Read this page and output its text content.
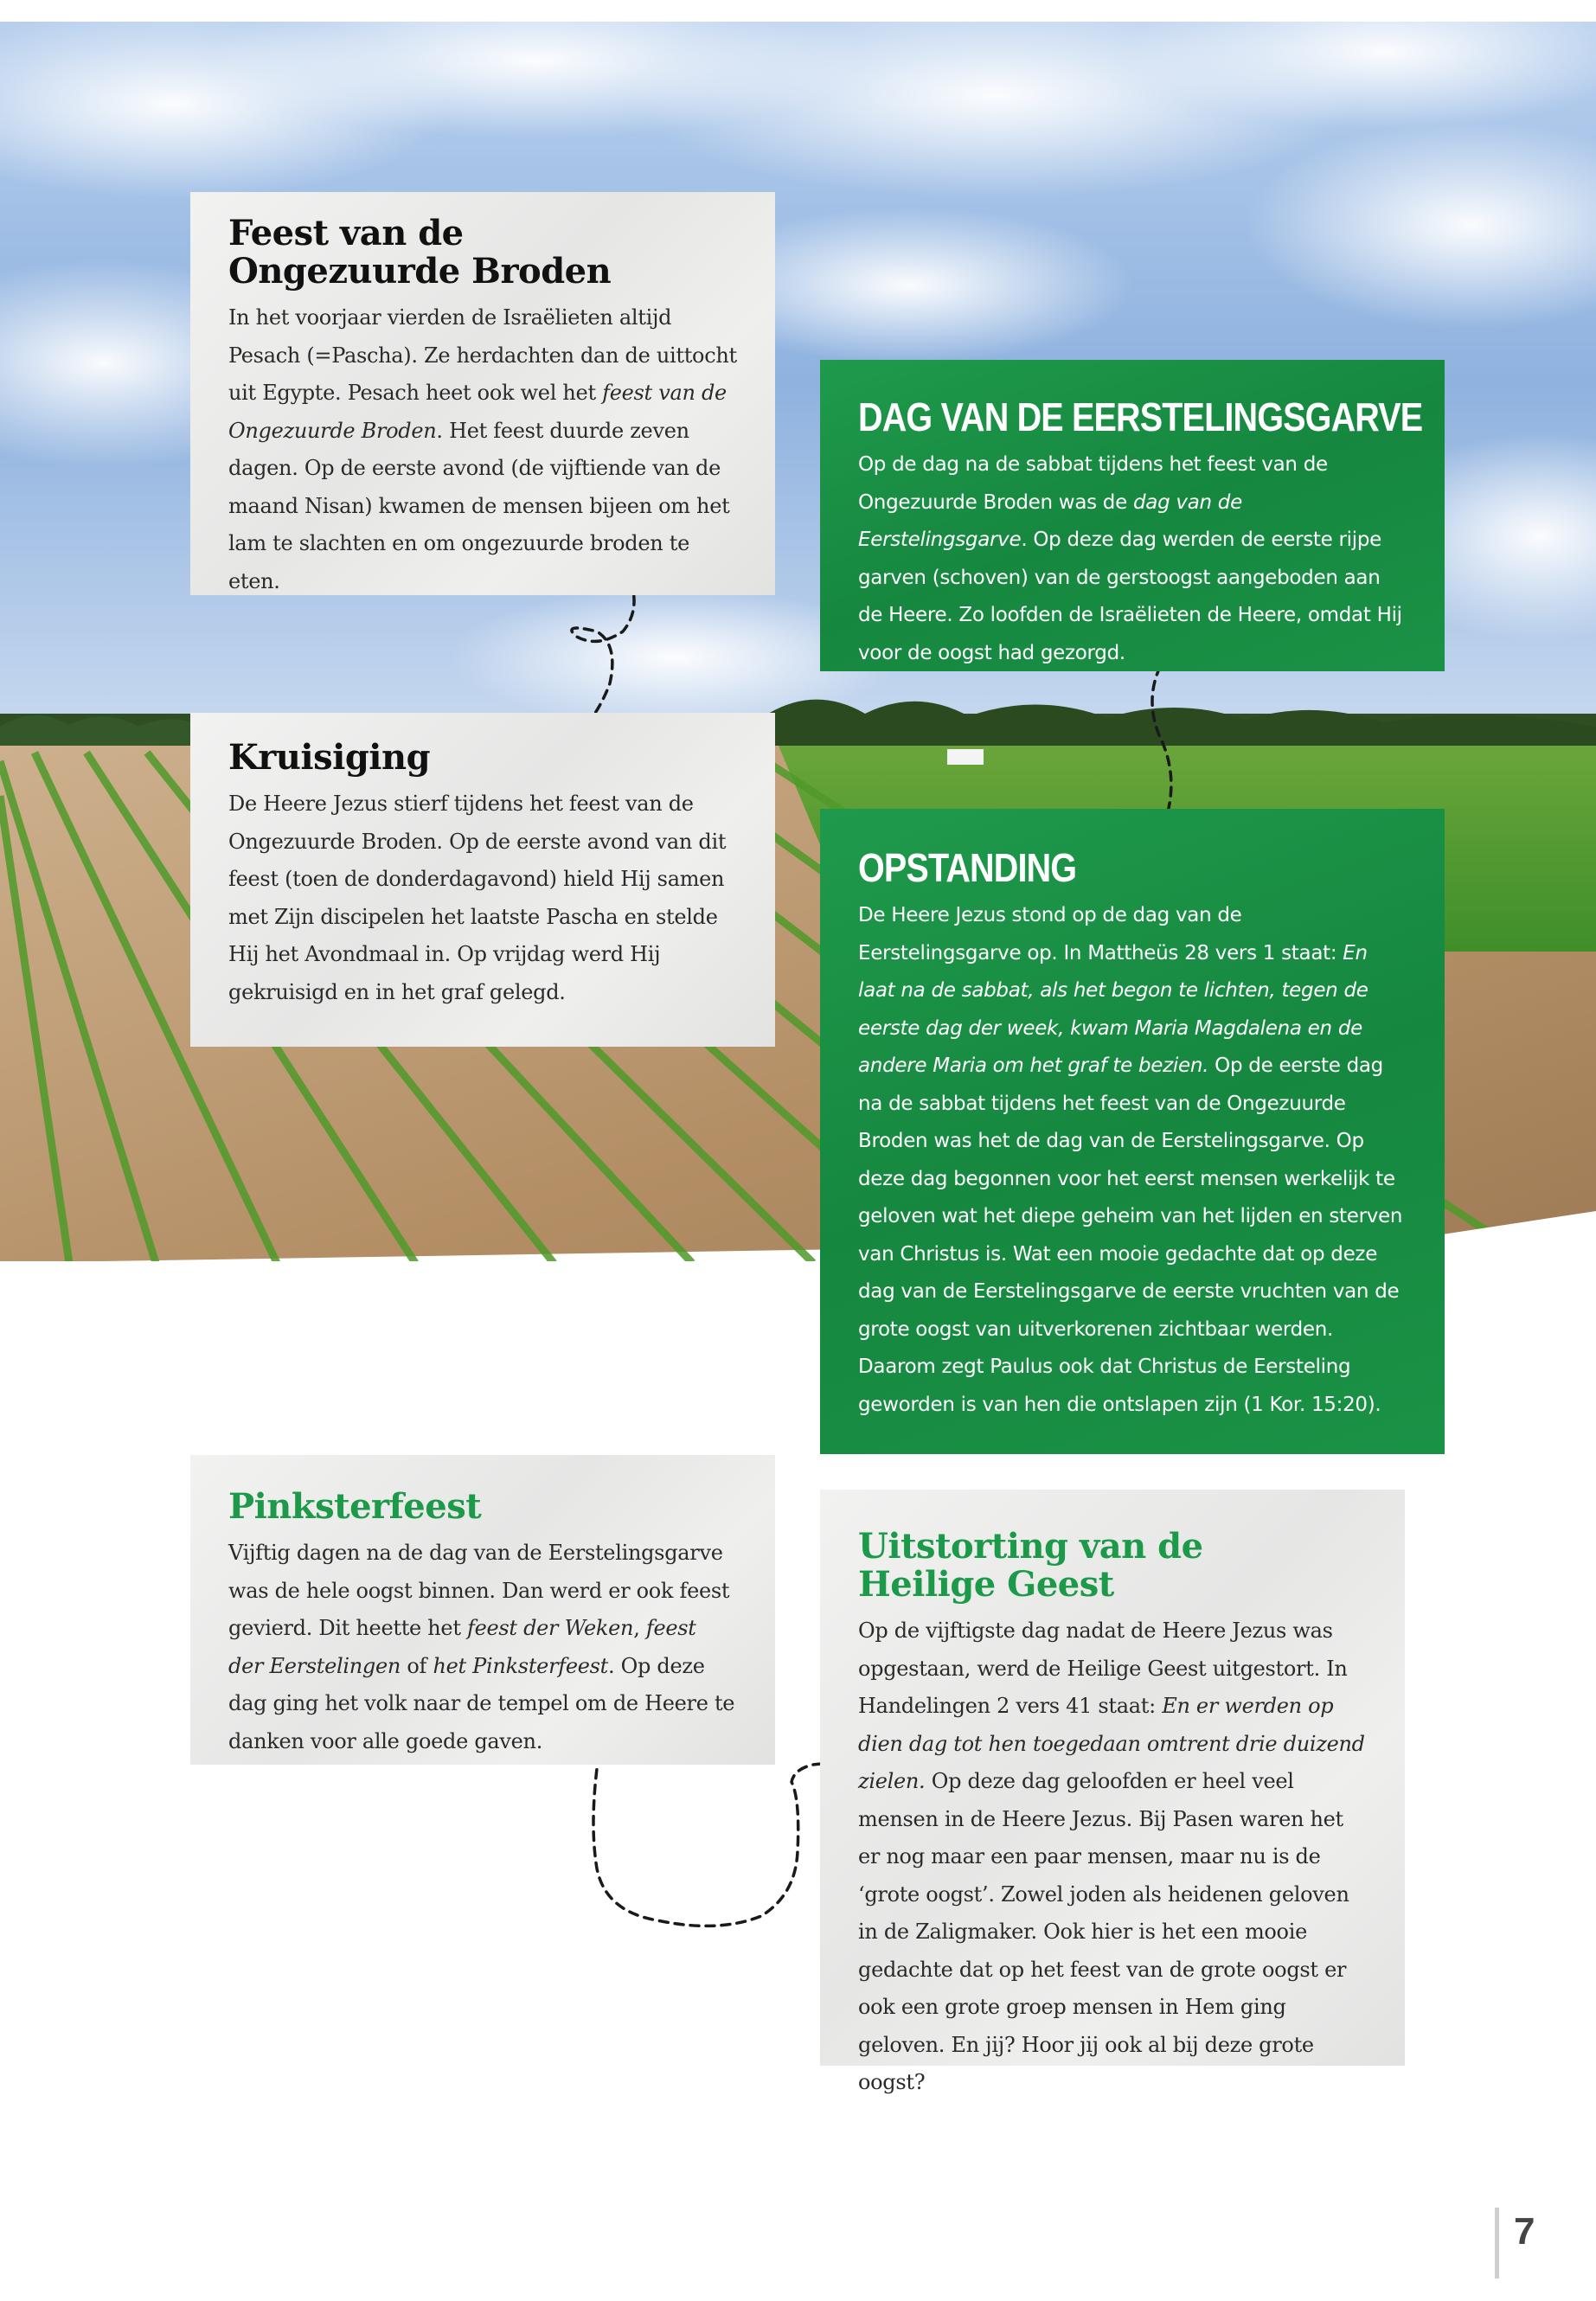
Feest van de
Ongezuurde Broden

In het voorjaar vierden de Israëlieten altijd Pesach (=Pascha). Ze herdachten dan de uittocht uit Egypte. Pesach heet ook wel het feest van de Ongezuurde Broden. Het feest duurde zeven dagen. Op de eerste avond (de vijftiende van de maand Nisan) kwamen de mensen bijeen om het lam te slachten en om ongezuurde broden te eten.

DAG VAN DE EERSTELINGSGARVE

Op de dag na de sabbat tijdens het feest van de Ongezuurde Broden was de dag van de Eerstelingsgarve. Op deze dag werden de eerste rijpe garven (schoven) van de gerstoogst aangeboden aan de Heere. Zo loofden de Israëlieten de Heere, omdat Hij voor de oogst had gezorgd.

Kruisiging

De Heere Jezus stierf tijdens het feest van de Ongezuurde Broden. Op de eerste avond van dit feest (toen de donderdagavond) hield Hij samen met Zijn discipelen het laatste Pascha en stelde Hij het Avondmaal in. Op vrijdag werd Hij gekruisigd en in het graf gelegd.

OPSTANDING

De Heere Jezus stond op de dag van de Eerstelingsgarve op. In Mattheüs 28 vers 1 staat: En laat na de sabbat, als het begon te lichten, tegen de eerste dag der week, kwam Maria Magdalena en de andere Maria om het graf te bezien. Op de eerste dag na de sabbat tijdens het feest van de Ongezuurde Broden was het de dag van de Eerstelingsgarve. Op deze dag begonnen voor het eerst mensen werkelijk te geloven wat het diepe geheim van het lijden en sterven van Christus is. Wat een mooie gedachte dat op deze dag van de Eerstelingsgarve de eerste vruchten van de grote oogst van uitverkorenen zichtbaar werden. Daarom zegt Paulus ook dat Christus de Eersteling geworden is van hen die ontslapen zijn (1 Kor. 15:20).

Pinksterfeest

Vijftig dagen na de dag van de Eerstelingsgarve was de hele oogst binnen. Dan werd er ook feest gevierd. Dit heette het feest der Weken, feest der Eerstelingen of het Pinksterfeest. Op deze dag ging het volk naar de tempel om de Heere te danken voor alle goede gaven.

Uitstorting van de
Heilige Geest

Op de vijftigste dag nadat de Heere Jezus was opgestaan, werd de Heilige Geest uitgestort. In Handelingen 2 vers 41 staat: En er werden op dien dag tot hen toegedaan omtrent drie duizend zielen. Op deze dag geloofden er heel veel mensen in de Heere Jezus. Bij Pasen waren het er nog maar een paar mensen, maar nu is de ‘grote oogst’. Zowel joden als heidenen geloven in de Zaligmaker. Ook hier is het een mooie gedachte dat op het feest van de grote oogst er ook een grote groep mensen in Hem ging geloven. En jij? Hoor jij ook al bij deze grote oogst?

7
